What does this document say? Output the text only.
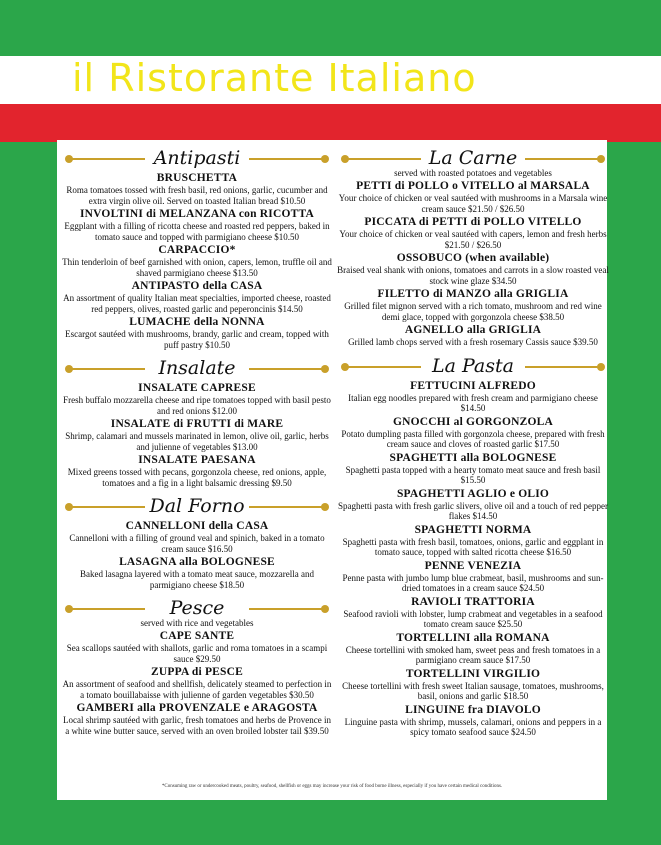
il Ristorante Italiano
Antipasti
BRUSCHETTA
Roma tomatoes tossed with fresh basil, red onions, garlic, cucumber and extra virgin olive oil. Served on toasted Italian bread $10.50
INVOLTINI di MELANZANA con RICOTTA
Eggplant with a filling of ricotta cheese and roasted red peppers, baked in tomato sauce and topped with parmigiano cheese $10.50
CARPACCIO*
Thin tenderloin of beef garnished with onion, capers, lemon, truffle oil and shaved parmigiano cheese $13.50
ANTIPASTO della CASA
An assortment of quality Italian meat specialties, imported cheese, roasted red peppers, olives, roasted garlic and peperoncinis $14.50
LUMACHE della NONNA
Escargot sautéed with mushrooms, brandy, garlic and cream, topped with puff pastry $10.50
Insalate
INSALATE CAPRESE
Fresh buffalo mozzarella cheese and ripe tomatoes topped with basil pesto and red onions $12.00
INSALATE di FRUTTI di MARE
Shrimp, calamari and mussels marinated in lemon, olive oil, garlic, herbs and julienne of vegetables $13.00
INSALATE PAESANA
Mixed greens tossed with pecans, gorgonzola cheese, red onions, apple, tomatoes and a fig in a light balsamic dressing $9.50
Dal Forno
CANNELLONI della CASA
Cannelloni with a filling of ground veal and spinich, baked in a tomato cream sauce $16.50
LASAGNA alla BOLOGNESE
Baked lasagna layered with a tomato meat sauce, mozzarella and parmigiano cheese $18.50
Pesce
served with rice and vegetables
CAPE SANTE
Sea scallops sautéed with shallots, garlic and roma tomatoes in a scampi sauce $29.50
ZUPPA di PESCE
An assortment of seafood and shellfish, delicately steamed to perfection in a tomato bouillabaisse with julienne of garden vegetables $30.50
GAMBERI alla PROVENZALE e ARAGOSTA
Local shrimp sautéed with garlic, fresh tomatoes and herbs de Provence in a white wine butter sauce, served with an oven broiled lobster tail $39.50
La Carne
served with roasted potatoes and vegetables
PETTI di POLLO o VITELLO al MARSALA
Your choice of chicken or veal sautéed with mushrooms in a Marsala wine cream sauce $21.50 / $26.50
PICCATA di PETTI di POLLO VITELLO
Your choice of chicken or veal sautéed with capers, lemon and fresh herbs $21.50 / $26.50
OSSOBUCO (when available)
Braised veal shank with onions, tomatoes and carrots in a slow roasted veal stock wine glaze $34.50
FILETTO di MANZO alla GRIGLIA
Grilled filet mignon served with a rich tomato, mushroom and red wine demi glace, topped with gorgonzola cheese $38.50
AGNELLO alla GRIGLIA
Grilled lamb chops served with a fresh rosemary Cassis sauce $39.50
La Pasta
FETTUCINI ALFREDO
Italian egg noodles prepared with fresh cream and parmigiano cheese $14.50
GNOCCHI al GORGONZOLA
Potato dumpling pasta filled with gorgonzola cheese, prepared with fresh cream sauce and cloves of roasted garlic $17.50
SPAGHETTI alla BOLOGNESE
Spaghetti pasta topped with a hearty tomato meat sauce and fresh basil $15.50
SPAGHETTI AGLIO e OLIO
Spaghetti pasta with fresh garlic slivers, olive oil and a touch of red pepper flakes $14.50
SPAGHETTI NORMA
Spaghetti pasta with fresh basil, tomatoes, onions, garlic and eggplant in tomato sauce, topped with salted ricotta cheese $16.50
PENNE VENEZIA
Penne pasta with jumbo lump blue crabmeat, basil, mushrooms and sun-dried tomatoes in a cream sauce $24.50
RAVIOLI TRATTORIA
Seafood ravioli with lobster, lump crabmeat and vegetables in a seafood tomato cream sauce $25.50
TORTELLINI alla ROMANA
Cheese tortellini with smoked ham, sweet peas and fresh tomatoes in a parmigiano cream sauce $17.50
TORTELLINI VIRGILIO
Cheese tortellini with fresh sweet Italian sausage, tomatoes, mushrooms, basil, onions and garlic $18.50
LINGUINE fra DIAVOLO
Linguine pasta with shrimp, mussels, calamari, onions and peppers in a spicy tomato seafood sauce $24.50
*Consuming raw or undercooked meats, poultry, seafood, shellfish or eggs may increase your risk of food borne illness, especially if you have certain medical conditions.
